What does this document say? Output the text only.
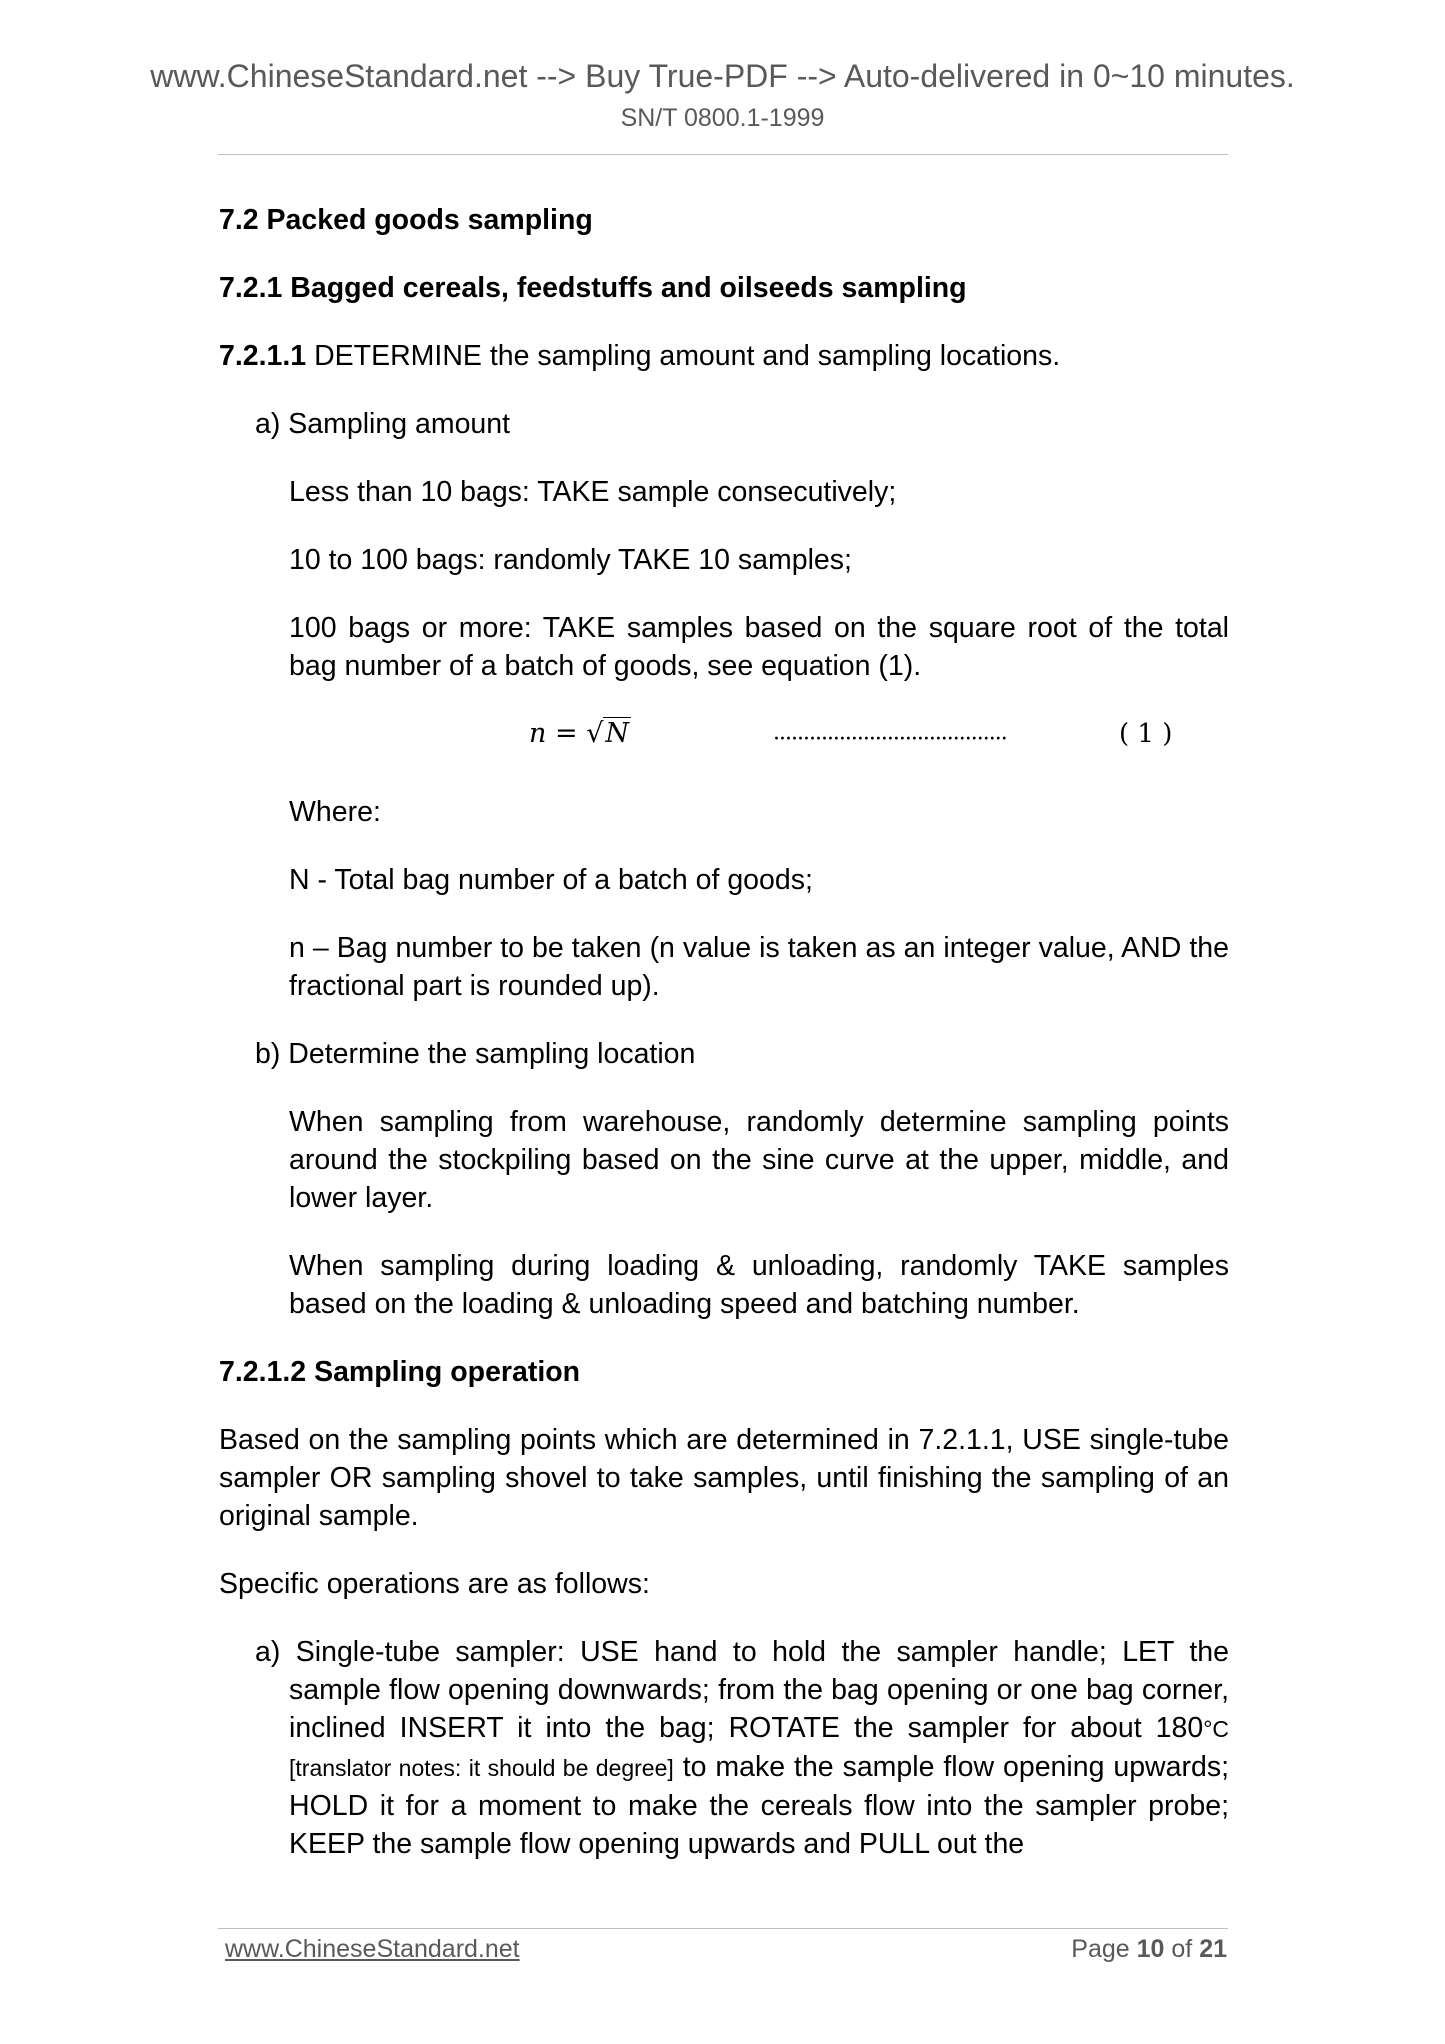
www.ChineseStandard.net --> Buy True-PDF --> Auto-delivered in 0~10 minutes.
SN/T 0800.1-1999

7.2 Packed goods sampling

7.2.1 Bagged cereals, feedstuffs and oilseeds sampling

7.2.1.1 DETERMINE the sampling amount and sampling locations.

a) Sampling amount

Less than 10 bags: TAKE sample consecutively;

10 to 100 bags: randomly TAKE 10 samples;

100 bags or more: TAKE samples based on the square root of the total bag number of a batch of goods, see equation (1).

n = √N	·······································	( 1 )

Where:

N - Total bag number of a batch of goods;

n – Bag number to be taken (n value is taken as an integer value, AND the fractional part is rounded up).

b) Determine the sampling location

When sampling from warehouse, randomly determine sampling points around the stockpiling based on the sine curve at the upper, middle, and lower layer.

When sampling during loading & unloading, randomly TAKE samples based on the loading & unloading speed and batching number.

7.2.1.2 Sampling operation

Based on the sampling points which are determined in 7.2.1.1, USE single-tube sampler OR sampling shovel to take samples, until finishing the sampling of an original sample.

Specific operations are as follows:

a) Single-tube sampler: USE hand to hold the sampler handle; LET the sample flow opening downwards; from the bag opening or one bag corner, inclined INSERT it into the bag; ROTATE the sampler for about 180°C [translator notes: it should be degree] to make the sample flow opening upwards; HOLD it for a moment to make the cereals flow into the sampler probe; KEEP the sample flow opening upwards and PULL out the

www.ChineseStandard.net	Page 10 of 21
